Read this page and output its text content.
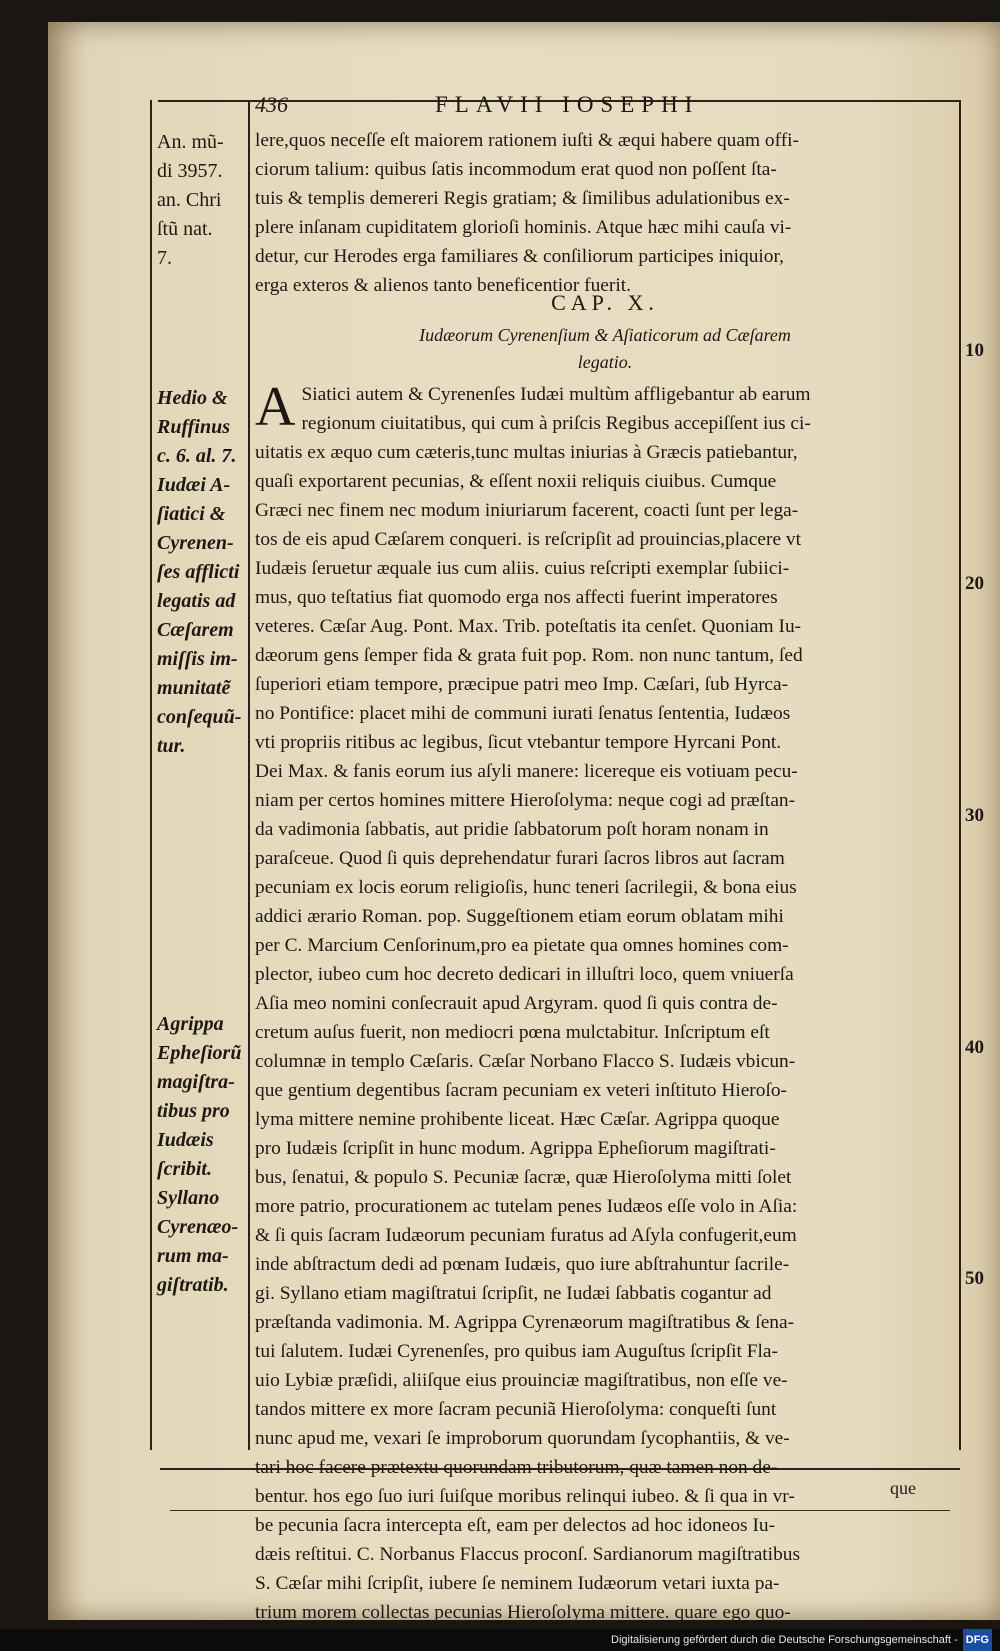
436	FLAVII IOSEPHI
An. mũ-
di 3957.
an. Chri
ſtũ nat.
7.
Hedio &
Ruffinus
c. 6. al. 7.
Iudæi A-
ſiatici &
Cyrenen-
ſes afflicti
legatis ad
Cæſarem
miſſis im-
munitatẽ
conſequũ-
tur.
Agrippa
Epheſiorũ
magiſtra-
tibus pro
Iudæis
ſcribit.
Syllano
Cyrenæo-
rum ma-
giſtratib.
10
20
30
40
50
lere,quos neceſſe eſt maiorem rationem iuſti & æqui habere quam offi-
ciorum talium: quibus ſatis incommodum erat quod non poſſent ſta-
tuis & templis demereri Regis gratiam; & ſimilibus adulationibus ex-
plere inſanam cupiditatem glorioſi hominis. Atque hæc mihi cauſa vi-
detur, cur Herodes erga familiares & conſiliorum participes iniquior,
erga exteros & alienos tanto beneficentior fuerit.
CAP. X.
Iudæorum Cyrenenſium & Aſiaticorum ad Cæſarem
legatio.
A Siatici autem & Cyrenenſes Iudæi multùm affligebantur ab earum
regionum ciuitatibus, qui cum à priſcis Regibus accepiſſent ius ci-
uitatis ex æquo cum cæteris,tunc multas iniurias à Græcis patiebantur,
quaſi exportarent pecunias, & eſſent noxii reliquis ciuibus. Cumque
Græci nec finem nec modum iniuriarum facerent, coacti ſunt per lega-
tos de eis apud Cæſarem conqueri. is reſcripſit ad prouincias,placere vt
Iudæis ſeruetur æquale ius cum aliis. cuius reſcripti exemplar ſubiici-
mus, quo teſtatius fiat quomodo erga nos affecti fuerint imperatores
veteres. Cæſar Aug. Pont. Max. Trib. poteſtatis ita cenſet. Quoniam Iu-
dæorum gens ſemper fida & grata fuit pop. Rom. non nunc tantum, ſed
ſuperiori etiam tempore, præcipue patri meo Imp. Cæſari, ſub Hyrca-
no Pontifice: placet mihi de communi iurati ſenatus ſententia, Iudæos
vti propriis ritibus ac legibus, ſicut vtebantur tempore Hyrcani Pont.
Dei Max. & fanis eorum ius aſyli manere: licereque eis votiuam pecu-
niam per certos homines mittere Hieroſolyma: neque cogi ad præſtan-
da vadimonia ſabbatis, aut pridie ſabbatorum poſt horam nonam in
paraſceue. Quod ſi quis deprehendatur furari ſacros libros aut ſacram
pecuniam ex locis eorum religioſis, hunc teneri ſacrilegii, & bona eius
addici ærario Roman. pop. Suggeſtionem etiam eorum oblatam mihi
per C. Marcium Cenſorinum,pro ea pietate qua omnes homines com-
plector, iubeo cum hoc decreto dedicari in illuſtri loco, quem vniuerſa
Aſia meo nomini conſecrauit apud Argyram. quod ſi quis contra de-
cretum auſus fuerit, non mediocri pœna mulctabitur. Inſcriptum eſt
columnæ in templo Cæſaris. Cæſar Norbano Flacco S. Iudæis vbicun-
que gentium degentibus ſacram pecuniam ex veteri inſtituto Hieroſo-
lyma mittere nemine prohibente liceat. Hæc Cæſar. Agrippa quoque
pro Iudæis ſcripſit in hunc modum. Agrippa Epheſiorum magiſtrati-
bus, ſenatui, & populo S. Pecuniæ ſacræ, quæ Hieroſolyma mitti ſolet
more patrio, procurationem ac tutelam penes Iudæos eſſe volo in Aſia:
& ſi quis ſacram Iudæorum pecuniam furatus ad Aſyla confugerit,eum
inde abſtractum dedi ad pœnam Iudæis, quo iure abſtrahuntur ſacrile-
gi. Syllano etiam magiſtratui ſcripſit, ne Iudæi ſabbatis cogantur ad
præſtanda vadimonia. M. Agrippa Cyrenæorum magiſtratibus & ſena-
tui ſalutem. Iudæi Cyrenenſes, pro quibus iam Auguſtus ſcripſit Fla-
uio Lybiæ præſidi, aliiſque eius prouinciæ magiſtratibus, non eſſe ve-
tandos mittere ex more ſacram pecuniã Hieroſolyma: conqueſti ſunt
nunc apud me, vexari ſe improborum quorundam ſycophantiis, & ve-
tari hoc facere prætextu quorundam tributorum, quæ tamen non de-
bentur. hos ego ſuo iuri ſuiſque moribus relinqui iubeo. & ſi qua in vr-
be pecunia ſacra intercepta eſt, eam per delectos ad hoc idoneos Iu-
dæis reſtitui. C. Norbanus Flaccus proconſ. Sardianorum magiſtratibus
S. Cæſar mihi ſcripſit, iubere ſe neminem Iudæorum vetari iuxta pa-
trium morem collectas pecunias Hieroſolyma mittere. quare ego quo-
que
Digitalisierung gefördert durch die Deutsche Forschungsgemeinschaft - DFG
